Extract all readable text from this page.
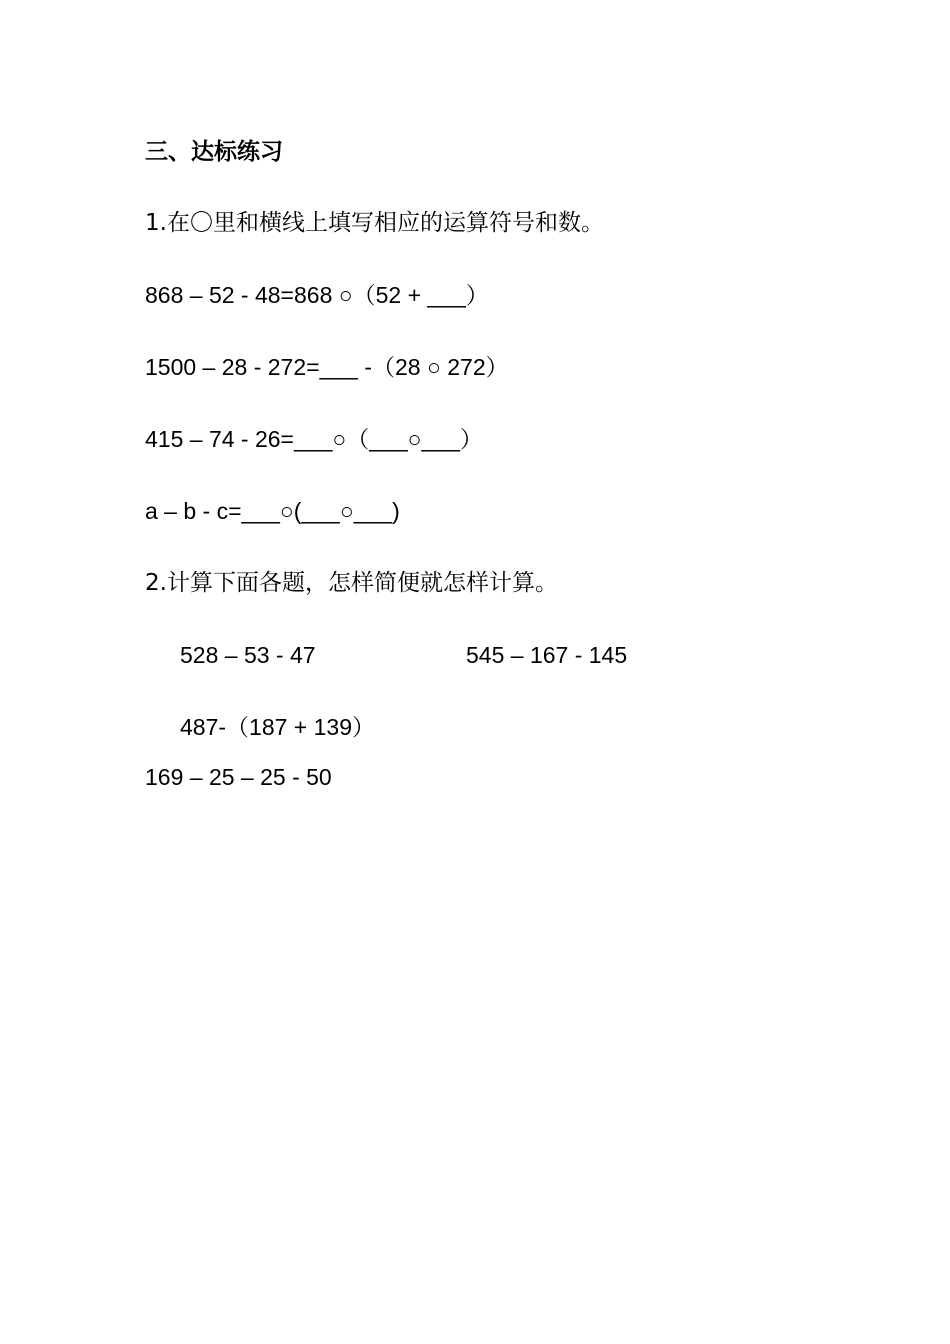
三、达标练习
1.在〇里和横线上填写相应的运算符号和数。
868 – 52 - 48=868 ○（52 + ___）
1500 – 28 - 272=___ -（28 ○ 272）
415 – 74 - 26=___○（___○___）
a – b - c=___○(___○___)
2.计算下面各题，怎样简便就怎样计算。
528 – 53 - 47	545 – 167 - 145
487-（187 + 139）
169 – 25 – 25 - 50
